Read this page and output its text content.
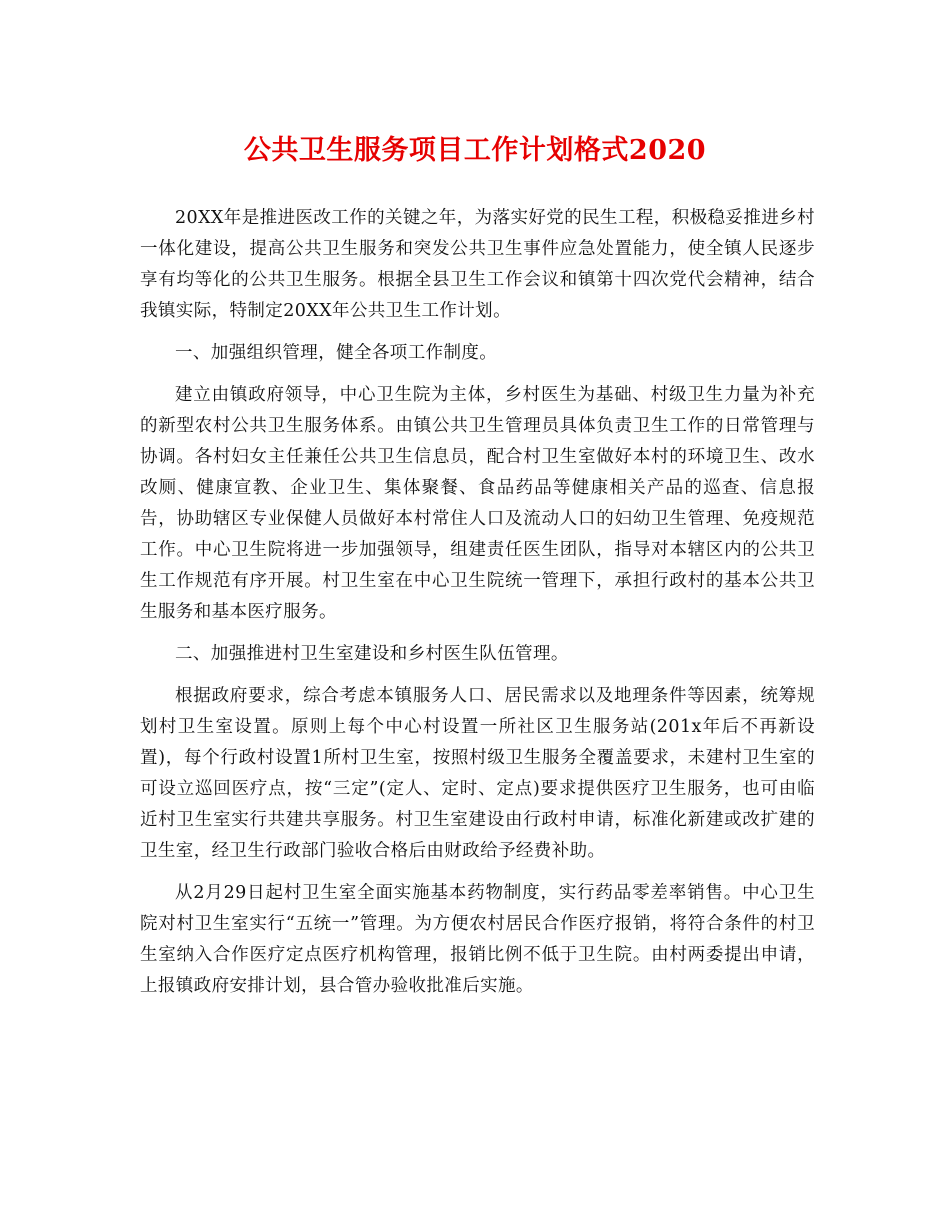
公共卫生服务项目工作计划格式2020

20XX年是推进医改工作的关键之年，为落实好党的民生工程，积极稳妥推进乡村一体化建设，提高公共卫生服务和突发公共卫生事件应急处置能力，使全镇人民逐步享有均等化的公共卫生服务。根据全县卫生工作会议和镇第十四次党代会精神，结合我镇实际，特制定20XX年公共卫生工作计划。

一、加强组织管理，健全各项工作制度。

建立由镇政府领导，中心卫生院为主体，乡村医生为基础、村级卫生力量为补充的新型农村公共卫生服务体系。由镇公共卫生管理员具体负责卫生工作的日常管理与协调。各村妇女主任兼任公共卫生信息员，配合村卫生室做好本村的环境卫生、改水改厕、健康宣教、企业卫生、集体聚餐、食品药品等健康相关产品的巡查、信息报告，协助辖区专业保健人员做好本村常住人口及流动人口的妇幼卫生管理、免疫规范工作。中心卫生院将进一步加强领导，组建责任医生团队，指导对本辖区内的公共卫生工作规范有序开展。村卫生室在中心卫生院统一管理下，承担行政村的基本公共卫生服务和基本医疗服务。

二、加强推进村卫生室建设和乡村医生队伍管理。

根据政府要求，综合考虑本镇服务人口、居民需求以及地理条件等因素，统筹规划村卫生室设置。原则上每个中心村设置一所社区卫生服务站(201x年后不再新设置)，每个行政村设置1所村卫生室，按照村级卫生服务全覆盖要求，未建村卫生室的可设立巡回医疗点，按“三定”(定人、定时、定点)要求提供医疗卫生服务，也可由临近村卫生室实行共建共享服务。村卫生室建设由行政村申请，标准化新建或改扩建的卫生室，经卫生行政部门验收合格后由财政给予经费补助。

从2月29日起村卫生室全面实施基本药物制度，实行药品零差率销售。中心卫生院对村卫生室实行“五统一”管理。为方便农村居民合作医疗报销，将符合条件的村卫生室纳入合作医疗定点医疗机构管理，报销比例不低于卫生院。由村两委提出申请，上报镇政府安排计划，县合管办验收批准后实施。
